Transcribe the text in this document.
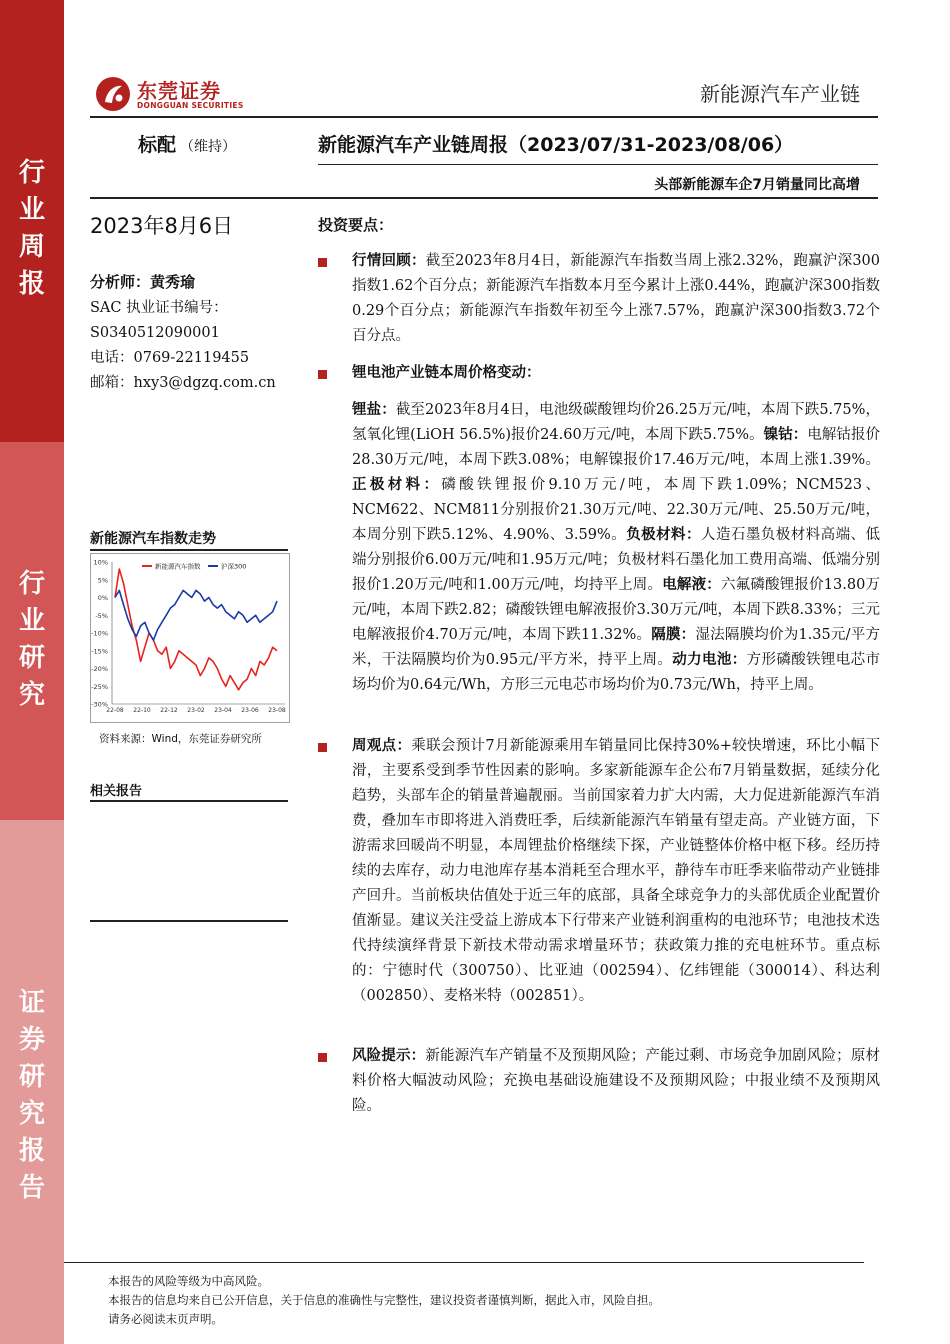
行
业
周
报
行
业
研
究
证
券
研
究
报
告
东莞证券
DONGGUAN SECURITIES	新能源汽车产业链
标配 （维持）	新能源汽车产业链周报（2023/07/31-2023/08/06）
头部新能源车企7月销量同比高增
2023年8月6日
分析师：黄秀瑜
SAC 执业证书编号：
S0340512090001
电话：0769-22119455
邮箱：hxy3@dgzq.com.cn
新能源汽车指数走势
10%
5%
0%
-5%
-10%
-15%
-20%
-25%
-30%
22-08 22-10 22-12 23-02 23-04 23-06 23-08
新能源汽车指数	沪深300
资料来源：Wind，东莞证券研究所
相关报告
投资要点：
行情回顾：截至2023年8月4日，新能源汽车指数当周上涨2.32%，跑赢沪深300指数1.62个百分点；新能源汽车指数本月至今累计上涨0.44%，跑赢沪深300指数0.29个百分点；新能源汽车指数年初至今上涨7.57%，跑赢沪深300指数3.72个百分点。
锂电池产业链本周价格变动：
锂盐：截至2023年8月4日，电池级碳酸锂均价26.25万元/吨，本周下跌5.75%，氢氧化锂(LiOH 56.5%)报价24.60万元/吨，本周下跌5.75%。镍钴：电解钴报价28.30万元/吨，本周下跌3.08%；电解镍报价17.46万元/吨，本周上涨1.39%。正极材料：磷酸铁锂报价9.10万元/吨，本周下跌1.09%；NCM523、NCM622、NCM811分别报价21.30万元/吨、22.30万元/吨、25.50万元/吨，本周分别下跌5.12%、4.90%、3.59%。负极材料：人造石墨负极材料高端、低端分别报价6.00万元/吨和1.95万元/吨；负极材料石墨化加工费用高端、低端分别报价1.20万元/吨和1.00万元/吨，均持平上周。电解液：六氟磷酸锂报价13.80万元/吨，本周下跌2.82；磷酸铁锂电解液报价3.30万元/吨，本周下跌8.33%；三元电解液报价4.70万元/吨，本周下跌11.32%。隔膜：湿法隔膜均价为1.35元/平方米，干法隔膜均价为0.95元/平方米，持平上周。动力电池：方形磷酸铁锂电芯市场均价为0.64元/Wh，方形三元电芯市场均价为0.73元/Wh，持平上周。
周观点：乘联会预计7月新能源乘用车销量同比保持30%+较快增速，环比小幅下滑，主要系受到季节性因素的影响。多家新能源车企公布7月销量数据，延续分化趋势，头部车企的销量普遍靓丽。当前国家着力扩大内需，大力促进新能源汽车消费，叠加车市即将进入消费旺季，后续新能源汽车销量有望走高。产业链方面，下游需求回暖尚不明显，本周锂盐价格继续下探，产业链整体价格中枢下移。经历持续的去库存，动力电池库存基本消耗至合理水平，静待车市旺季来临带动产业链排产回升。当前板块估值处于近三年的底部，具备全球竞争力的头部优质企业配置价值渐显。建议关注受益上游成本下行带来产业链利润重构的电池环节；电池技术迭代持续演绎背景下新技术带动需求增量环节；获政策力推的充电桩环节。重点标的：宁德时代（300750）、比亚迪（002594）、亿纬锂能（300014）、科达利（002850）、麦格米特（002851）。
风险提示：新能源汽车产销量不及预期风险；产能过剩、市场竞争加剧风险；原材料价格大幅波动风险；充换电基础设施建设不及预期风险；中报业绩不及预期风险。
本报告的风险等级为中高风险。
本报告的信息均来自已公开信息，关于信息的准确性与完整性，建议投资者谨慎判断，据此入市，风险自担。
请务必阅读末页声明。
